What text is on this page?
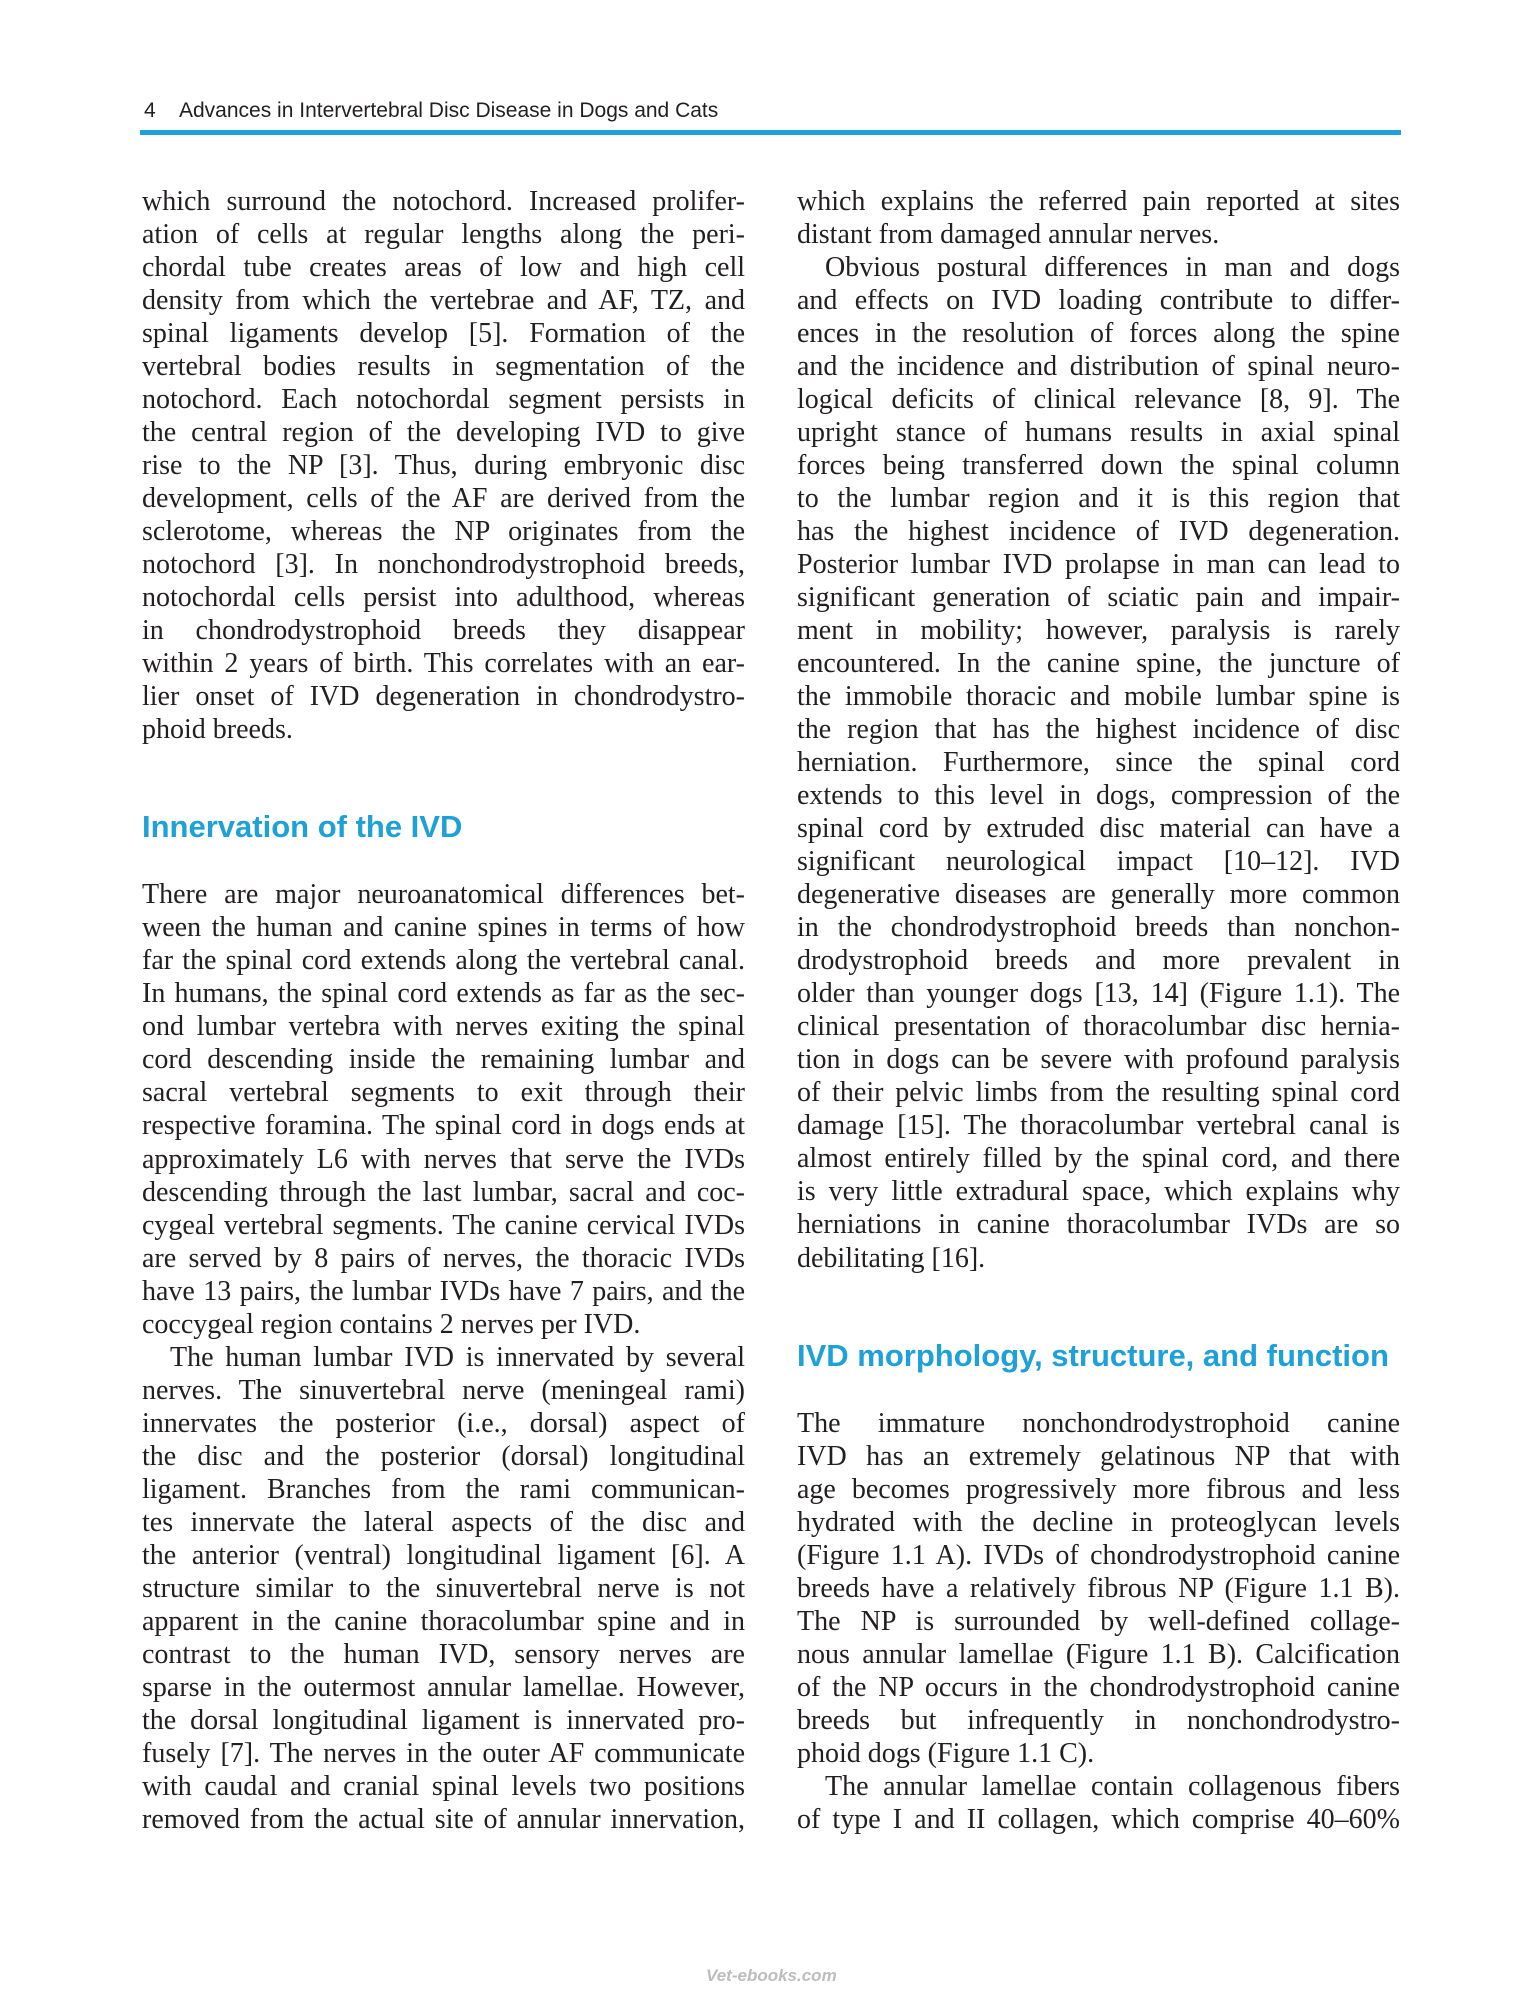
4 Advances in Intervertebral Disc Disease in Dogs and Cats
which surround the notochord. Increased prolifer-
ation of cells at regular lengths along the peri-
chordal tube creates areas of low and high cell
density from which the vertebrae and AF, TZ, and
spinal ligaments develop [5]. Formation of the
vertebral bodies results in segmentation of the
notochord. Each notochordal segment persists in
the central region of the developing IVD to give
rise to the NP [3]. Thus, during embryonic disc
development, cells of the AF are derived from the
sclerotome, whereas the NP originates from the
notochord [3]. In nonchondrodystrophoid breeds,
notochordal cells persist into adulthood, whereas
in chondrodystrophoid breeds they disappear
within 2 years of birth. This correlates with an ear-
lier onset of IVD degeneration in chondrodystro-
phoid breeds.
Innervation of the IVD
There are major neuroanatomical differences bet-
ween the human and canine spines in terms of how
far the spinal cord extends along the vertebral canal.
In humans, the spinal cord extends as far as the sec-
ond lumbar vertebra with nerves exiting the spinal
cord descending inside the remaining lumbar and
sacral vertebral segments to exit through their
respective foramina. The spinal cord in dogs ends at
approximately L6 with nerves that serve the IVDs
descending through the last lumbar, sacral and coc-
cygeal vertebral segments. The canine cervical IVDs
are served by 8 pairs of nerves, the thoracic IVDs
have 13 pairs, the lumbar IVDs have 7 pairs, and the
coccygeal region contains 2 nerves per IVD.
The human lumbar IVD is innervated by several
nerves. The sinuvertebral nerve (meningeal rami)
innervates the posterior (i.e., dorsal) aspect of
the disc and the posterior (dorsal) longitudinal
ligament. Branches from the rami communican-
tes innervate the lateral aspects of the disc and
the anterior (ventral) longitudinal ligament [6]. A
structure similar to the sinuvertebral nerve is not
apparent in the canine thoracolumbar spine and in
contrast to the human IVD, sensory nerves are
sparse in the outermost annular lamellae. However,
the dorsal longitudinal ligament is innervated pro-
fusely [7]. The nerves in the outer AF communicate
with caudal and cranial spinal levels two positions
removed from the actual site of annular innervation,
which explains the referred pain reported at sites
distant from damaged annular nerves.
Obvious postural differences in man and dogs
and effects on IVD loading contribute to differ-
ences in the resolution of forces along the spine
and the incidence and distribution of spinal neuro-
logical deficits of clinical relevance [8, 9]. The
upright stance of humans results in axial spinal
forces being transferred down the spinal column
to the lumbar region and it is this region that
has the highest incidence of IVD degeneration.
Posterior lumbar IVD prolapse in man can lead to
significant generation of sciatic pain and impair-
ment in mobility; however, paralysis is rarely
encountered. In the canine spine, the juncture of
the immobile thoracic and mobile lumbar spine is
the region that has the highest incidence of disc
herniation. Furthermore, since the spinal cord
extends to this level in dogs, compression of the
spinal cord by extruded disc material can have a
significant neurological impact [10–12]. IVD
degenerative diseases are generally more common
in the chondrodystrophoid breeds than nonchon-
drodystrophoid breeds and more prevalent in
older than younger dogs [13, 14] (Figure 1.1). The
clinical presentation of thoracolumbar disc hernia-
tion in dogs can be severe with profound paralysis
of their pelvic limbs from the resulting spinal cord
damage [15]. The thoracolumbar vertebral canal is
almost entirely filled by the spinal cord, and there
is very little extradural space, which explains why
herniations in canine thoracolumbar IVDs are so
debilitating [16].
IVD morphology, structure, and function
The immature nonchondrodystrophoid canine
IVD has an extremely gelatinous NP that with
age becomes progressively more fibrous and less
hydrated with the decline in proteoglycan levels
(Figure 1.1 A). IVDs of chondrodystrophoid canine
breeds have a relatively fibrous NP (Figure 1.1 B).
The NP is surrounded by well-defined collage-
nous annular lamellae (Figure 1.1 B). Calcification
of the NP occurs in the chondrodystrophoid canine
breeds but infrequently in nonchondrodystro-
phoid dogs (Figure 1.1 C).
The annular lamellae contain collagenous fibers
of type I and II collagen, which comprise 40–60%
Vet-ebooks.com
